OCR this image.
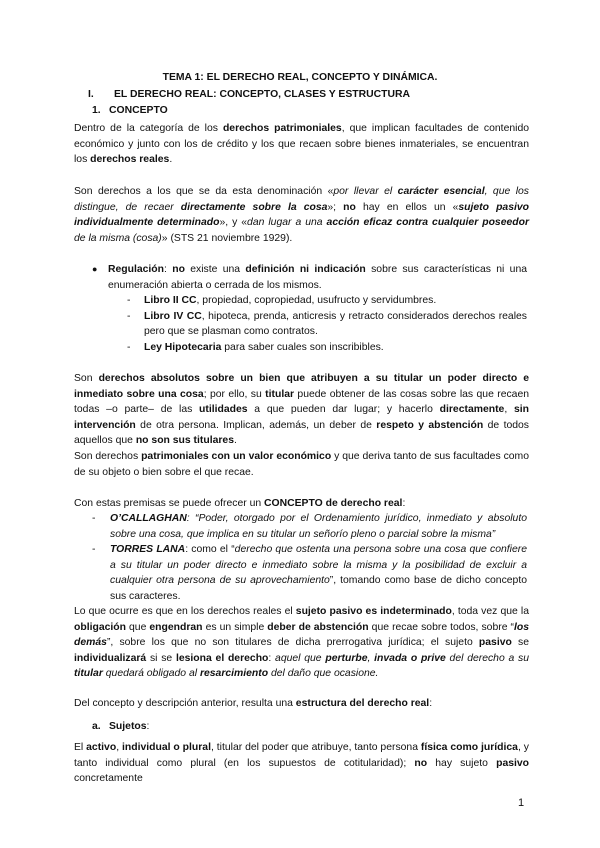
TEMA 1: EL DERECHO REAL, CONCEPTO Y DINÁMICA.
I. EL DERECHO REAL: CONCEPTO, CLASES Y ESTRUCTURA
1. CONCEPTO
Dentro de la categoría de los derechos patrimoniales, que implican facultades de contenido económico y junto con los de crédito y los que recaen sobre bienes inmateriales, se encuentran los derechos reales.
Son derechos a los que se da esta denominación «por llevar el carácter esencial, que los distingue, de recaer directamente sobre la cosa»; no hay en ellos un «sujeto pasivo individualmente determinado», y «dan lugar a una acción eficaz contra cualquier poseedor de la misma (cosa)» (STS 21 noviembre 1929).
● Regulación: no existe una definición ni indicación sobre sus características ni una enumeración abierta o cerrada de los mismos.
- Libro II CC, propiedad, copropiedad, usufructo y servidumbres.
- Libro IV CC, hipoteca, prenda, anticresis y retracto considerados derechos reales pero que se plasman como contratos.
- Ley Hipotecaria para saber cuales son inscribibles.
Son derechos absolutos sobre un bien que atribuyen a su titular un poder directo e inmediato sobre una cosa; por ello, su titular puede obtener de las cosas sobre las que recaen todas –o parte– de las utilidades a que pueden dar lugar; y hacerlo directamente, sin intervención de otra persona. Implican, además, un deber de respeto y abstención de todos aquellos que no son sus titulares.
Son derechos patrimoniales con un valor económico y que deriva tanto de sus facultades como de su objeto o bien sobre el que recae.
Con estas premisas se puede ofrecer un CONCEPTO de derecho real:
- O’CALLAGHAN: “Poder, otorgado por el Ordenamiento jurídico, inmediato y absoluto sobre una cosa, que implica en su titular un señorío pleno o parcial sobre la misma”
- TORRES LANA: como el “derecho que ostenta una persona sobre una cosa que confiere a su titular un poder directo e inmediato sobre la misma y la posibilidad de excluir a cualquier otra persona de su aprovechamiento”, tomando como base de dicho concepto sus caracteres.
Lo que ocurre es que en los derechos reales el sujeto pasivo es indeterminado, toda vez que la obligación que engendran es un simple deber de abstención que recae sobre todos, sobre “los demás”, sobre los que no son titulares de dicha prerrogativa jurídica; el sujeto pasivo se individualizará si se lesiona el derecho: aquel que perturbe, invada o prive del derecho a su titular quedará obligado al resarcimiento del daño que ocasione.
Del concepto y descripción anterior, resulta una estructura del derecho real:
a. Sujetos:
El activo, individual o plural, titular del poder que atribuye, tanto persona física como jurídica, y tanto individual como plural (en los supuestos de cotitularidad); no hay sujeto pasivo concretamente
1
